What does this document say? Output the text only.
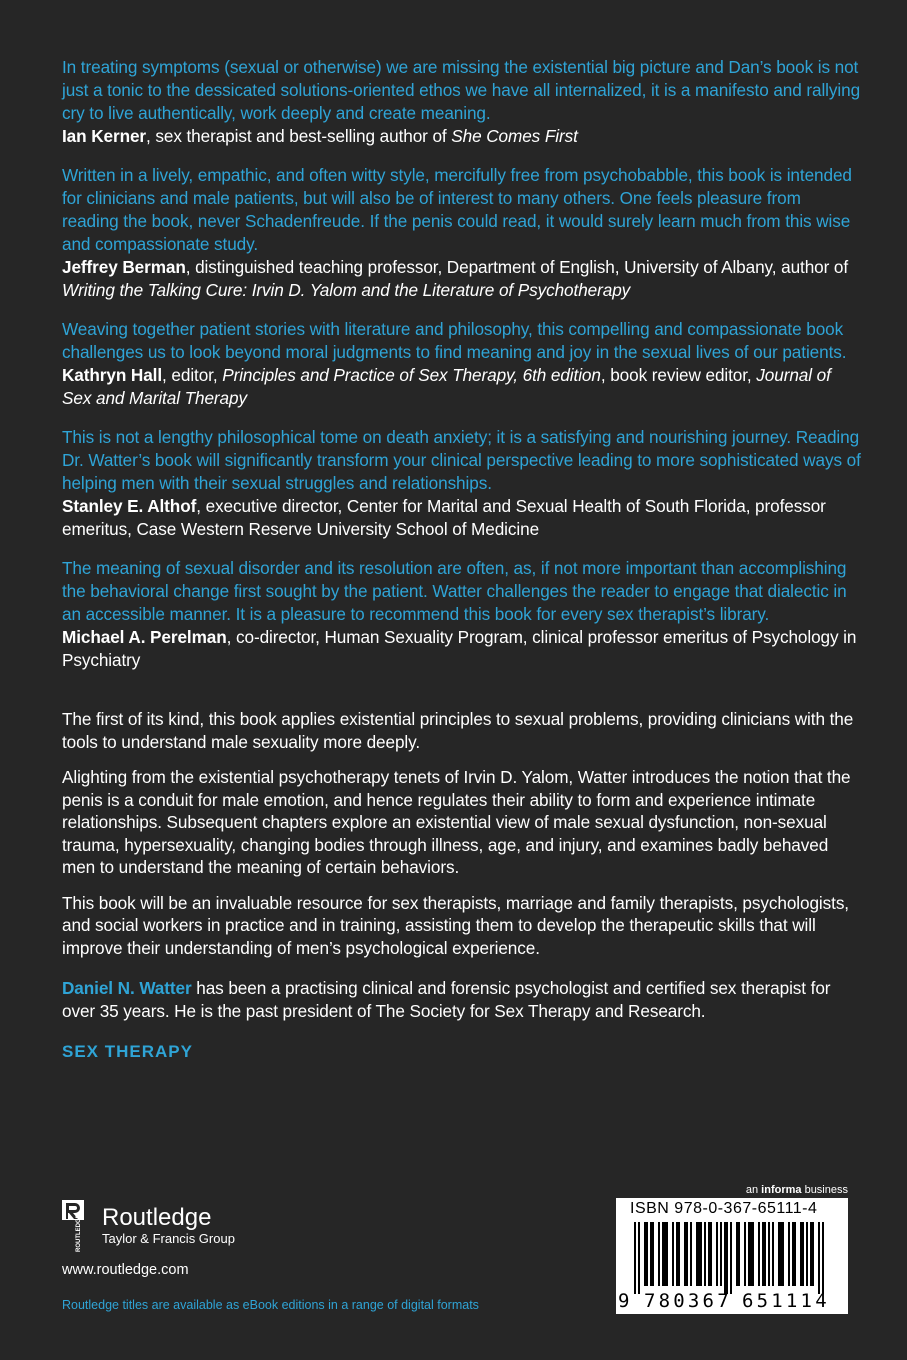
In treating symptoms (sexual or otherwise) we are missing the existential big picture and Dan’s book is not just a tonic to the dessicated solutions-oriented ethos we have all internalized, it is a manifesto and rallying cry to live authentically, work deeply and create meaning.
Ian Kerner, sex therapist and best-selling author of She Comes First
Written in a lively, empathic, and often witty style, mercifully free from psychobabble, this book is intended for clinicians and male patients, but will also be of interest to many others. One feels pleasure from reading the book, never Schadenfreude. If the penis could read, it would surely learn much from this wise and compassionate study.
Jeffrey Berman, distinguished teaching professor, Department of English, University of Albany, author of Writing the Talking Cure: Irvin D. Yalom and the Literature of Psychotherapy
Weaving together patient stories with literature and philosophy, this compelling and compassionate book challenges us to look beyond moral judgments to find meaning and joy in the sexual lives of our patients.
Kathryn Hall, editor, Principles and Practice of Sex Therapy, 6th edition, book review editor, Journal of Sex and Marital Therapy
This is not a lengthy philosophical tome on death anxiety; it is a satisfying and nourishing journey. Reading Dr. Watter’s book will significantly transform your clinical perspective leading to more sophisticated ways of helping men with their sexual struggles and relationships.
Stanley E. Althof, executive director, Center for Marital and Sexual Health of South Florida, professor emeritus, Case Western Reserve University School of Medicine
The meaning of sexual disorder and its resolution are often, as, if not more important than accomplishing the behavioral change first sought by the patient. Watter challenges the reader to engage that dialectic in an accessible manner. It is a pleasure to recommend this book for every sex therapist’s library.
Michael A. Perelman, co-director, Human Sexuality Program, clinical professor emeritus of Psychology in Psychiatry

The first of its kind, this book applies existential principles to sexual problems, providing clinicians with the tools to understand male sexuality more deeply.

Alighting from the existential psychotherapy tenets of Irvin D. Yalom, Watter introduces the notion that the penis is a conduit for male emotion, and hence regulates their ability to form and experience intimate relationships. Subsequent chapters explore an existential view of male sexual dysfunction, non-sexual trauma, hypersexuality, changing bodies through illness, age, and injury, and examines badly behaved men to understand the meaning of certain behaviors.

This book will be an invaluable resource for sex therapists, marriage and family therapists, psychologists, and social workers in practice and in training, assisting them to develop the therapeutic skills that will improve their understanding of men’s psychological experience.

Daniel N. Watter has been a practising clinical and forensic psychologist and certified sex therapist for over 35 years. He is the past president of The Society for Sex Therapy and Research.
SEX THERAPY
ROUTLEDGE Routledge
Taylor & Francis Group
www.routledge.com
Routledge titles are available as eBook editions in a range of digital formats
an informa business
ISBN 978-0-367-65111-4
9 780367 651114
